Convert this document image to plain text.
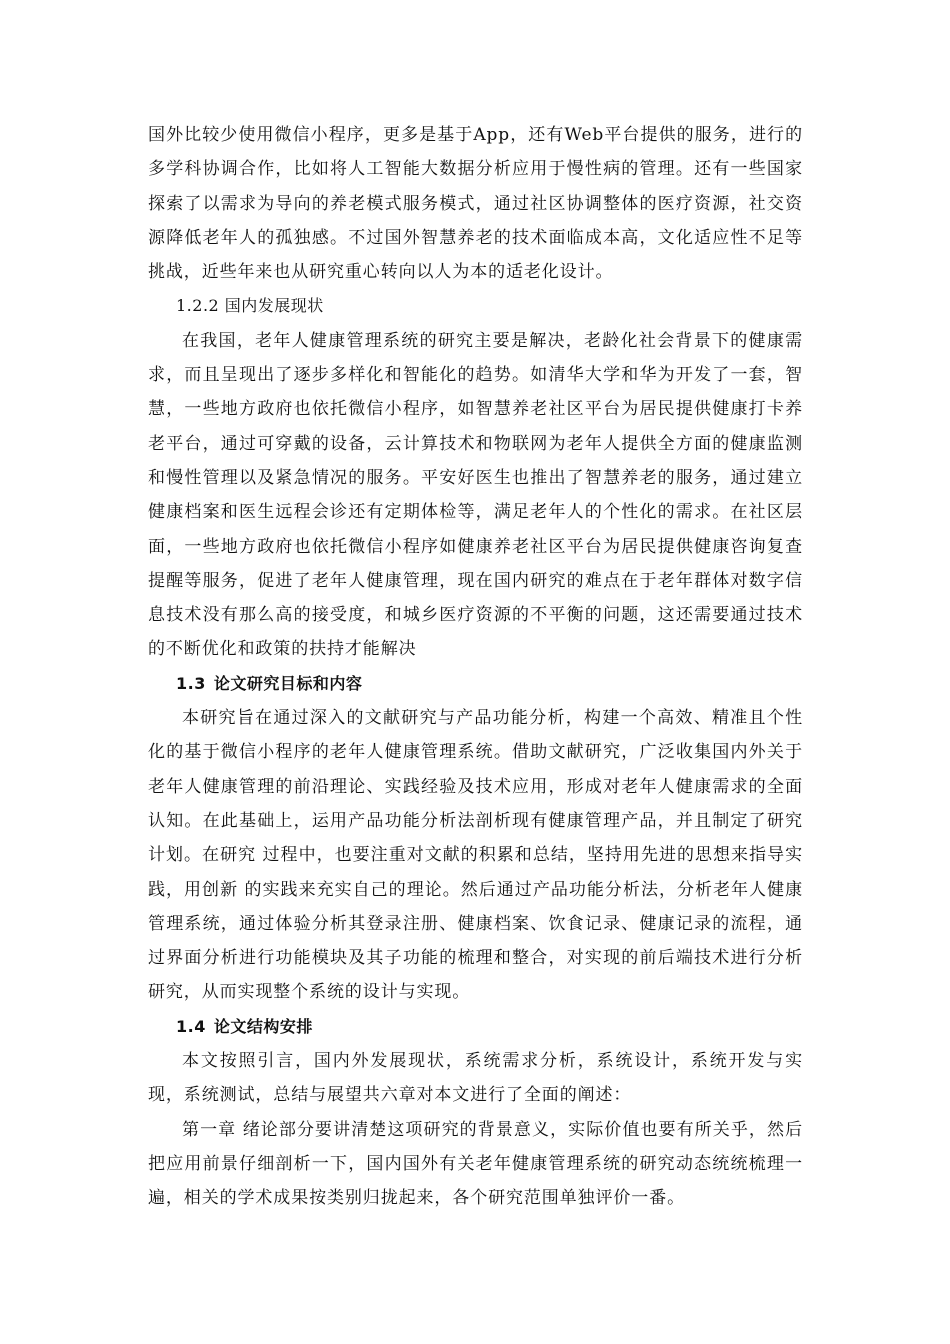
国外比较少使用微信小程序，更多是基于App，还有Web平台提供的服务，进行的多学科协调合作，比如将人工智能大数据分析应用于慢性病的管理。还有一些国家探索了以需求为导向的养老模式服务模式，通过社区协调整体的医疗资源，社交资源降低老年人的孤独感。不过国外智慧养老的技术面临成本高，文化适应性不足等挑战，近些年来也从研究重心转向以人为本的适老化设计。

1.2.2 国内发展现状

在我国，老年人健康管理系统的研究主要是解决，老龄化社会背景下的健康需求，而且呈现出了逐步多样化和智能化的趋势。如清华大学和华为开发了一套，智慧，一些地方政府也依托微信小程序，如智慧养老社区平台为居民提供健康打卡养老平台，通过可穿戴的设备，云计算技术和物联网为老年人提供全方面的健康监测和慢性管理以及紧急情况的服务。平安好医生也推出了智慧养老的服务，通过建立健康档案和医生远程会诊还有定期体检等，满足老年人的个性化的需求。在社区层面，一些地方政府也依托微信小程序如健康养老社区平台为居民提供健康咨询复查提醒等服务，促进了老年人健康管理，现在国内研究的难点在于老年群体对数字信息技术没有那么高的接受度，和城乡医疗资源的不平衡的问题，这还需要通过技术的不断优化和政策的扶持才能解决

1.3 论文研究目标和内容

本研究旨在通过深入的文献研究与产品功能分析，构建一个高效、精准且个性化的基于微信小程序的老年人健康管理系统。借助文献研究，广泛收集国内外关于老年人健康管理的前沿理论、实践经验及技术应用，形成对老年人健康需求的全面认知。在此基础上，运用产品功能分析法剖析现有健康管理产品，并且制定了研究计划。在研究 过程中，也要注重对文献的积累和总结，坚持用先进的思想来指导实践，用创新 的实践来充实自己的理论。然后通过产品功能分析法，分析老年人健康管理系统，通过体验分析其登录注册、健康档案、饮食记录、健康记录的流程，通过界面分析进行功能模块及其子功能的梳理和整合，对实现的前后端技术进行分析研究，从而实现整个系统的设计与实现。

1.4 论文结构安排

本文按照引言，国内外发展现状，系统需求分析，系统设计，系统开发与实现，系统测试，总结与展望共六章对本文进行了全面的阐述：

第一章 绪论部分要讲清楚这项研究的背景意义，实际价值也要有所关乎，然后把应用前景仔细剖析一下，国内国外有关老年健康管理系统的研究动态统统梳理一遍，相关的学术成果按类别归拢起来，各个研究范围单独评价一番。
